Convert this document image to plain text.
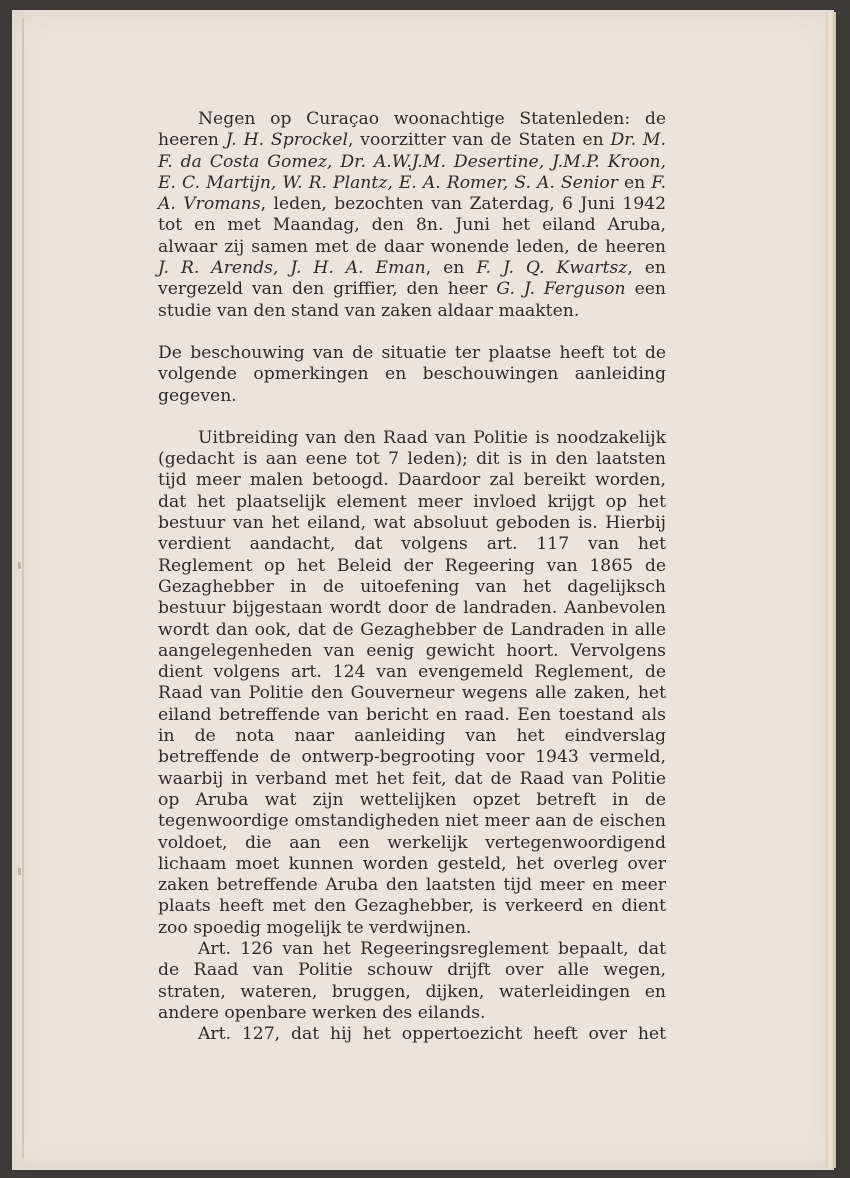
Negen op Curaçao woonachtige Statenleden: de heeren J. H. Sprockel, voorzitter van de Staten en Dr. M. F. da Costa Gomez, Dr. A.W.J.M. Desertine, J.M.P. Kroon, E. C. Martijn, W. R. Plantz, E. A. Romer, S. A. Senior en F. A. Vromans, leden, bezochten van Zaterdag, 6 Juni 1942 tot en met Maandag, den 8n. Juni het eiland Aruba, alwaar zij samen met de daar wonende leden, de heeren J. R. Arends, J. H. A. Eman, en F. J. Q. Kwartsz, en vergezeld van den griffier, den heer G. J. Ferguson een studie van den stand van zaken aldaar maakten.

De beschouwing van de situatie ter plaatse heeft tot de volgende opmerkingen en beschouwingen aanleiding gegeven.

Uitbreiding van den Raad van Politie is noodzakelijk (gedacht is aan eene tot 7 leden); dit is in den laatsten tijd meer malen betoogd. Daardoor zal bereikt worden, dat het plaatselijk element meer invloed krijgt op het bestuur van het eiland, wat absoluut geboden is. Hierbij verdient aandacht, dat volgens art. 117 van het Reglement op het Beleid der Regeering van 1865 de Gezaghebber in de uitoefening van het dagelijksch bestuur bijgestaan wordt door de landraden. Aanbevolen wordt dan ook, dat de Gezaghebber de Landraden in alle aangelegenheden van eenig gewicht hoort. Vervolgens dient volgens art. 124 van evengemeld Reglement, de Raad van Politie den Gouverneur wegens alle zaken, het eiland betreffende van bericht en raad. Een toestand als in de nota naar aanleiding van het eindverslag betreffende de ontwerp-begrooting voor 1943 vermeld, waarbij in verband met het feit, dat de Raad van Politie op Aruba wat zijn wettelijken opzet betreft in de tegenwoordige omstandigheden niet meer aan de eischen voldoet, die aan een werkelijk vertegenwoordigend lichaam moet kunnen worden gesteld, het overleg over zaken betreffende Aruba den laatsten tijd meer en meer plaats heeft met den Gezaghebber, is verkeerd en dient zoo spoedig mogelijk te verdwijnen.

Art. 126 van het Regeeringsreglement bepaalt, dat de Raad van Politie schouw drijft over alle wegen, straten, wateren, bruggen, dijken, waterleidingen en andere openbare werken des eilands.

Art. 127, dat hij het oppertoezicht heeft over het
